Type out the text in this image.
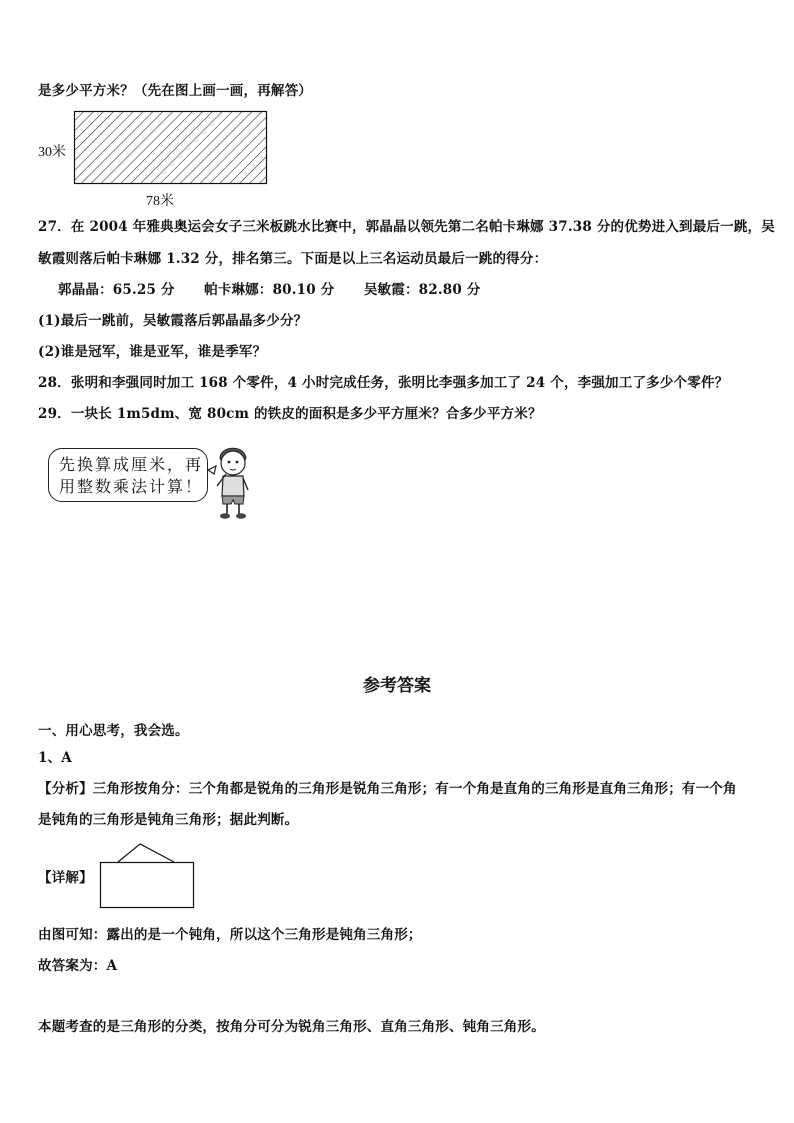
是多少平方米？（先在图上画一画，再解答）
30米
78米
27．在 2004 年雅典奥运会女子三米板跳水比赛中，郭晶晶以领先第二名帕卡琳娜 37.38 分的优势进入到最后一跳，吴
敏霞则落后帕卡琳娜 1.32 分，排名第三。下面是以上三名运动员最后一跳的得分：
郭晶晶：65.25 分      帕卡琳娜：80.10 分      吴敏霞：82.80 分
(1)最后一跳前，吴敏霞落后郭晶晶多少分？
(2)谁是冠军，谁是亚军，谁是季军？
28．张明和李强同时加工 168 个零件，4 小时完成任务，张明比李强多加工了 24 个，李强加工了多少个零件？
29．一块长 1m5dm、宽 80cm 的铁皮的面积是多少平方厘米？合多少平方米？
先换算成厘米，再
用整数乘法计算！
参考答案
一、用心思考，我会选。
1、A
【分析】三角形按角分：三个角都是锐角的三角形是锐角三角形；有一个角是直角的三角形是直角三角形；有一个角
是钝角的三角形是钝角三角形；据此判断。
【详解】
由图可知：露出的是一个钝角，所以这个三角形是钝角三角形；
故答案为：A
本题考查的是三角形的分类，按角分可分为锐角三角形、直角三角形、钝角三角形。
